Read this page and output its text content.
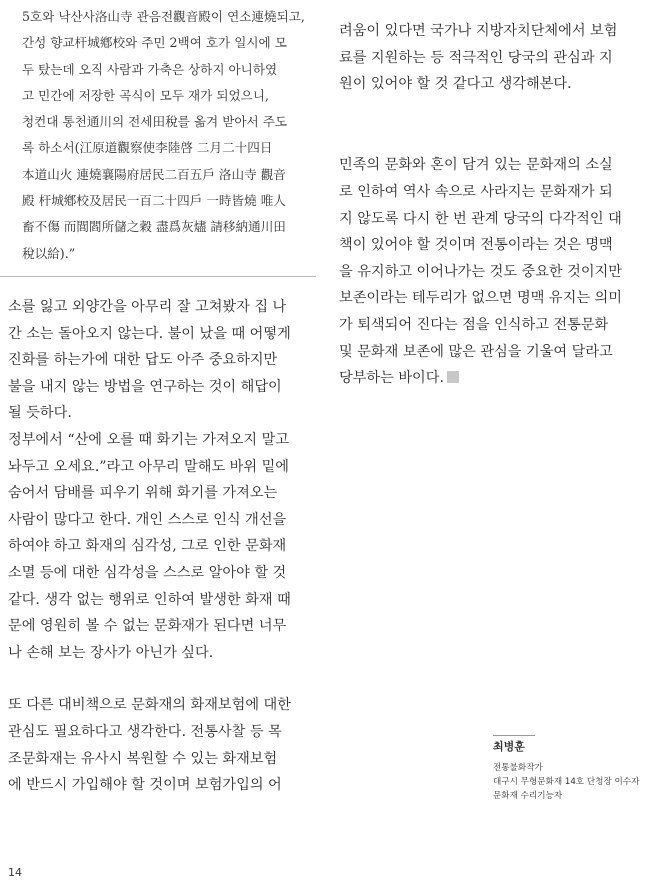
5호와 낙산사洛山寺 관음전觀音殿이 연소連燒되고,
간성 향교杆城鄕校와 주민 2백여 호가 일시에 모
두 탔는데 오직 사람과 가축은 상하지 아니하였
고 민간에 저장한 곡식이 모두 재가 되었으니,
청컨대 통천通川의 전세田稅를 옮겨 받아서 주도
록 하소서(江原道觀察使李陸啓 二月二十四日
本道山火 連燒襄陽府居民二百五戶 洛山寺 觀音
殿 杆城鄕校及居民一百二十四戶 一時皆燒 唯人
畜不傷 而閭閻所儲之穀 盡爲灰燼 請移納通川田
稅以給).”

소를 잃고 외양간을 아무리 잘 고쳐봤자 집 나
간 소는 돌아오지 않는다. 불이 났을 때 어떻게
진화를 하는가에 대한 답도 아주 중요하지만
불을 내지 않는 방법을 연구하는 것이 해답이
될 듯하다.

정부에서 “산에 오를 때 화기는 가져오지 말고
놔두고 오세요.”라고 아무리 말해도 바위 밑에
숨어서 담배를 피우기 위해 화기를 가져오는
사람이 많다고 한다. 개인 스스로 인식 개선을
하여야 하고 화재의 심각성, 그로 인한 문화재
소멸 등에 대한 심각성을 스스로 알아야 할 것
같다. 생각 없는 행위로 인하여 발생한 화재 때
문에 영원히 볼 수 없는 문화재가 된다면 너무
나 손해 보는 장사가 아닌가 싶다.

또 다른 대비책으로 문화재의 화재보험에 대한
관심도 필요하다고 생각한다. 전통사찰 등 목
조문화재는 유사시 복원할 수 있는 화재보험
에 반드시 가입해야 할 것이며 보험가입의 어

려움이 있다면 국가나 지방자치단체에서 보험
료를 지원하는 등 적극적인 당국의 관심과 지
원이 있어야 할 것 같다고 생각해본다.

민족의 문화와 혼이 담겨 있는 문화재의 소실
로 인하여 역사 속으로 사라지는 문화재가 되
지 않도록 다시 한 번 관계 당국의 다각적인 대
책이 있어야 할 것이며 전통이라는 것은 명맥
을 유지하고 이어나가는 것도 중요한 것이지만
보존이라는 테두리가 없으면 명맥 유지는 의미
가 퇴색되어 진다는 점을 인식하고 전통문화
및 문화재 보존에 많은 관심을 기울여 달라고
당부하는 바이다.

최병훈
전통불화작가
대구시 무형문화재 14호 단청장 이수자
문화재 수리기능자
14
